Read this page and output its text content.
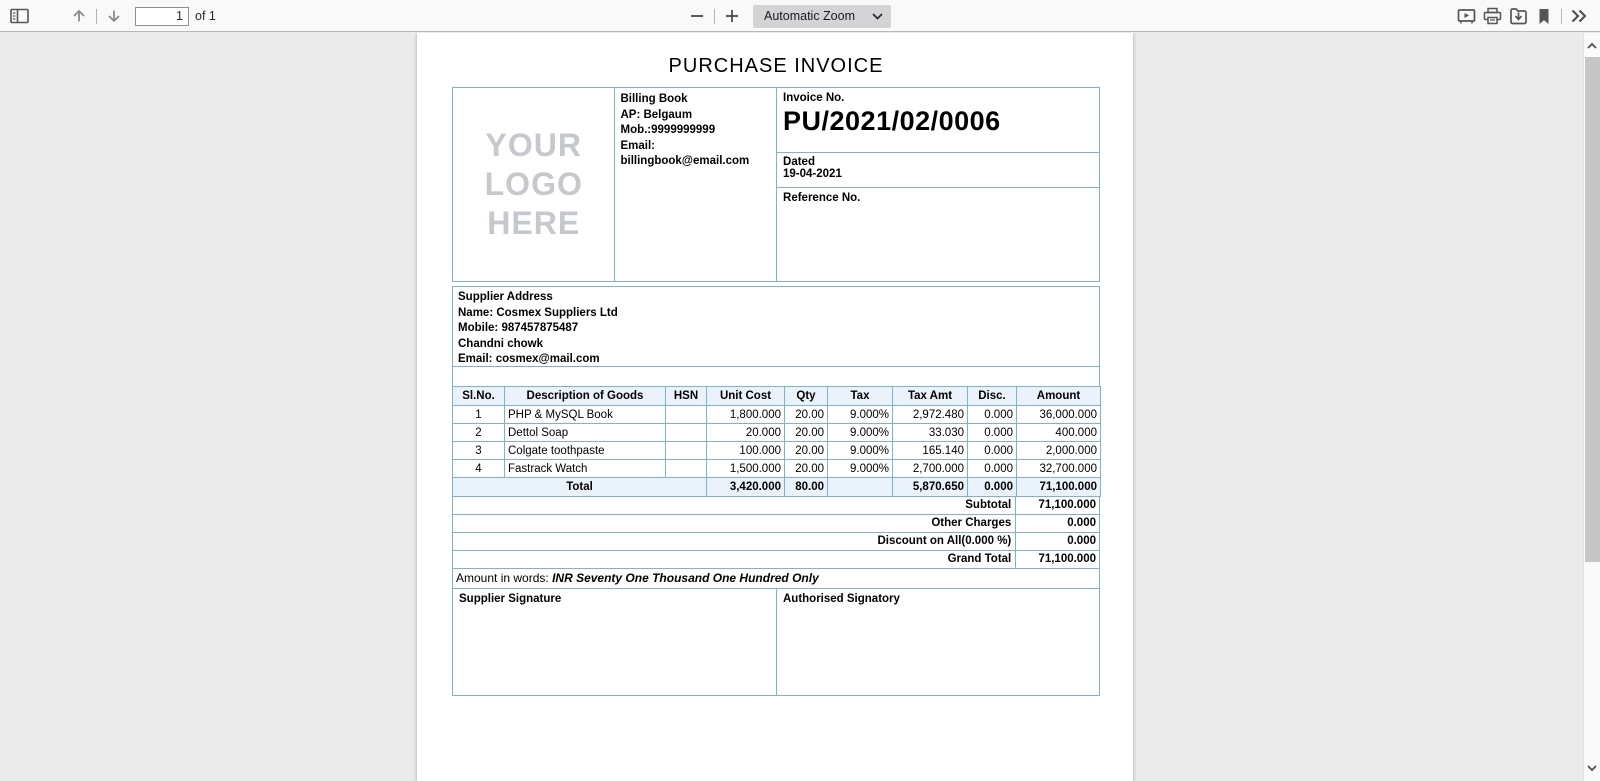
1
of 1	Automatic Zoom
PURCHASE INVOICE
YOUR
LOGO
HERE
Billing Book
AP: Belgaum
Mob.:9999999999
Email:
billingbook@email.com
Invoice No.
PU/2021/02/0006
Dated
19-04-2021
Reference No.
Supplier Address
Name: Cosmex Suppliers Ltd
Mobile: 987457875487
Chandni chowk
Email: cosmex@mail.com
Sl.No.	Description of Goods	HSN	Unit Cost	Qty	Tax	Tax Amt	Disc.	Amount
1	PHP & MySQL Book		1,800.000	20.00	9.000%	2,972.480	0.000	36,000.000
2	Dettol Soap		20.000	20.00	9.000%	33.030	0.000	400.000
3	Colgate toothpaste		100.000	20.00	9.000%	165.140	0.000	2,000.000
4	Fastrack Watch		1,500.000	20.00	9.000%	2,700.000	0.000	32,700.000
Total			3,420.000	80.00		5,870.650	0.000	71,100.000
Subtotal	71,100.000
Other Charges	0.000
Discount on All(0.000 %)	0.000
Grand Total	71,100.000
Amount in words: INR Seventy One Thousand One Hundred Only
Supplier Signature	Authorised Signatory
